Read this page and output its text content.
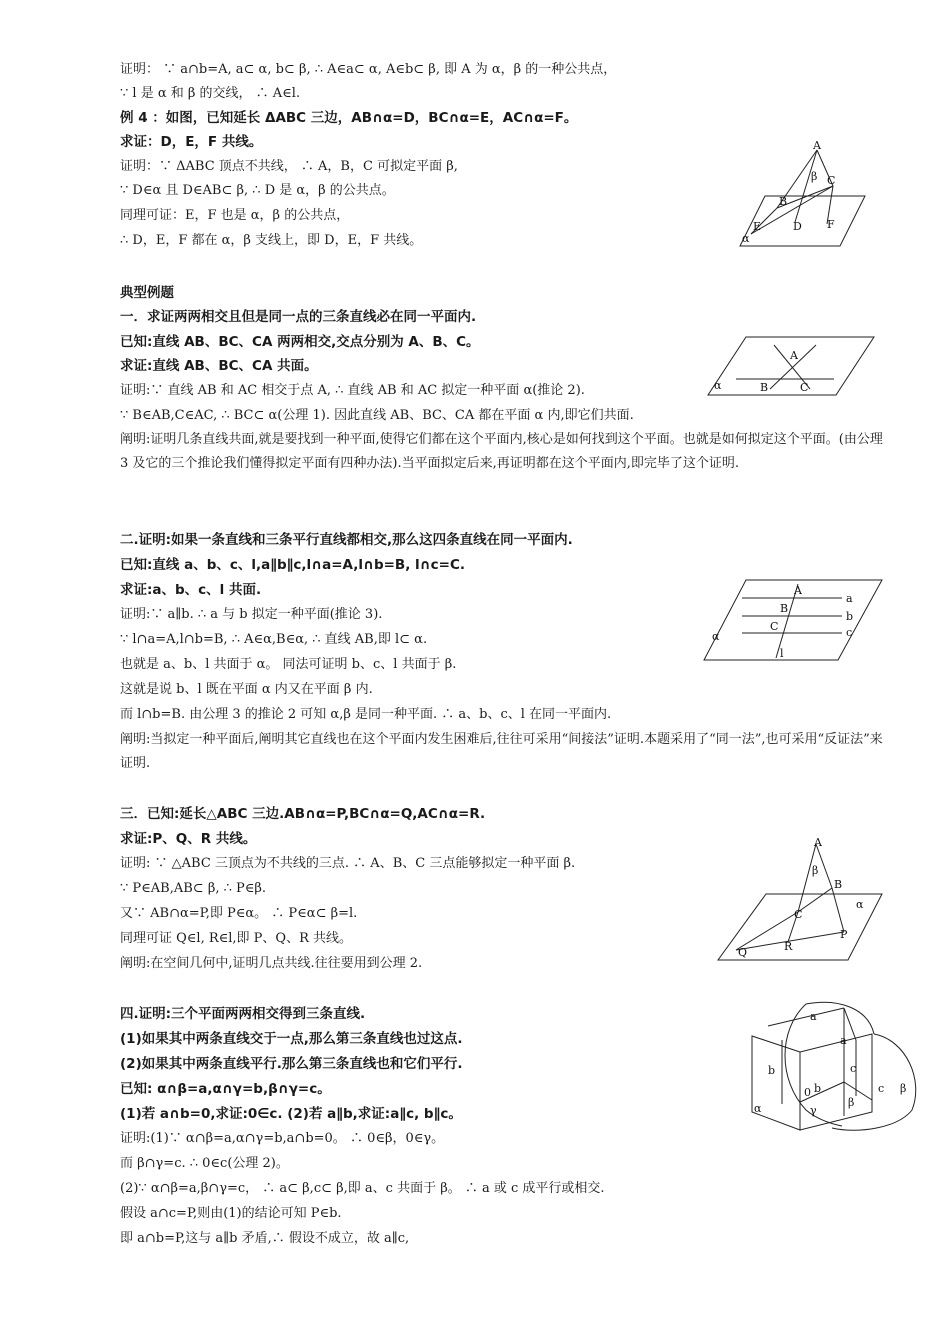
证明： ∵ a∩b=A, a⊂ α, b⊂ β, ∴ A∈a⊂ α, A∈b⊂ β, 即 A 为 α，β 的一种公共点，
∵ l 是 α 和 β 的交线， ∴ A∈l.
例 4 ：如图，已知延长 ΔABC 三边，AB∩α=D，BC∩α=E，AC∩α=F。
求证：D，E，F 共线。
证明：∵ ΔABC 顶点不共线， ∴ A，B，C 可拟定平面 β,
∵ D∈α 且 D∈AB⊂ β, ∴ D 是 α，β 的公共点。
同理可证：E，F 也是 α，β 的公共点，
∴ D，E，F 都在 α，β 支线上，即 D，E，F 共线。
典型例题
一．求证两两相交且但是同一点的三条直线必在同一平面内.
已知:直线 AB、BC、CA 两两相交,交点分别为 A、B、C。
求证:直线 AB、BC、CA 共面。
证明:∵ 直线 AB 和 AC 相交于点 A, ∴ 直线 AB 和 AC 拟定一种平面 α(推论 2).
∵ B∈AB,C∈AC, ∴ BC⊂ α(公理 1). 因此直线 AB、BC、CA 都在平面 α 内,即它们共面.
阐明:证明几条直线共面,就是要找到一种平面,使得它们都在这个平面内,核心是如何找到这个平面。也就是如何拟定这个平面。(由公理 3 及它的三个推论我们懂得拟定平面有四种办法).当平面拟定后来,再证明都在这个平面内,即完毕了这个证明.
二.证明:如果一条直线和三条平行直线都相交,那么这四条直线在同一平面内.
已知:直线 a、b、c、l,a∥b∥c,l∩a=A,l∩b=B, l∩c=C.
求证:a、b、c、l 共面.
证明:∵ a∥b. ∴ a 与 b 拟定一种平面(推论 3).
∵ l∩a=A,l∩b=B, ∴ A∈α,B∈α, ∴ 直线 AB,即 l⊂ α.
也就是 a、b、l 共面于 α。 同法可证明 b、c、l 共面于 β.
这就是说 b、l 既在平面 α 内又在平面 β 内.
而 l∩b=B. 由公理 3 的推论 2 可知 α,β 是同一种平面. ∴ a、b、c、l 在同一平面内.
阐明:当拟定一种平面后,阐明其它直线也在这个平面内发生困难后,往往可采用“间接法”证明.本题采用了“同一法”,也可采用“反证法”来证明.
三．已知:延长△ABC 三边.AB∩α=P,BC∩α=Q,AC∩α=R.
求证:P、Q、R 共线。
证明: ∵ △ABC 三顶点为不共线的三点. ∴ A、B、C 三点能够拟定一种平面 β.
∵ P∈AB,AB⊂ β, ∴ P∈β.
又∵ AB∩α=P,即 P∈α。 ∴ P∈α⊂ β=l.
同理可证 Q∈l, R∈l,即 P、Q、R 共线。
阐明:在空间几何中,证明几点共线.往往要用到公理 2.
四.证明:三个平面两两相交得到三条直线.
(1)如果其中两条直线交于一点,那么第三条直线也过这点.
(2)如果其中两条直线平行.那么第三条直线也和它们平行.
已知: α∩β=a,α∩γ=b,β∩γ=c。
(1)若 a∩b=0,求证:0∈c. (2)若 a∥b,求证:a∥c, b∥c。
证明:(1)∵ α∩β=a,α∩γ=b,a∩b=0。 ∴ 0∈β，0∈γ。
而 β∩γ=c. ∴ 0∈c(公理 2)。
(2)∵ α∩β=a,β∩γ=c， ∴ a⊂ β,c⊂ β,即 a、c 共面于 β。 ∴ a 或 c 成平行或相交.
假设 a∩c=P,则由(1)的结论可知 P∈b.
即 a∩b=P,这与 a∥b 矛盾,∴ 假设不成立，故 a∥c,
A
B
C
D
E	F
β
α
A
B	C
α
A
B
C
a
b
c
l
α
A
B
C
P
Q	R
β
α
a
a
b
b
c
c
0
α
β
β
γ
